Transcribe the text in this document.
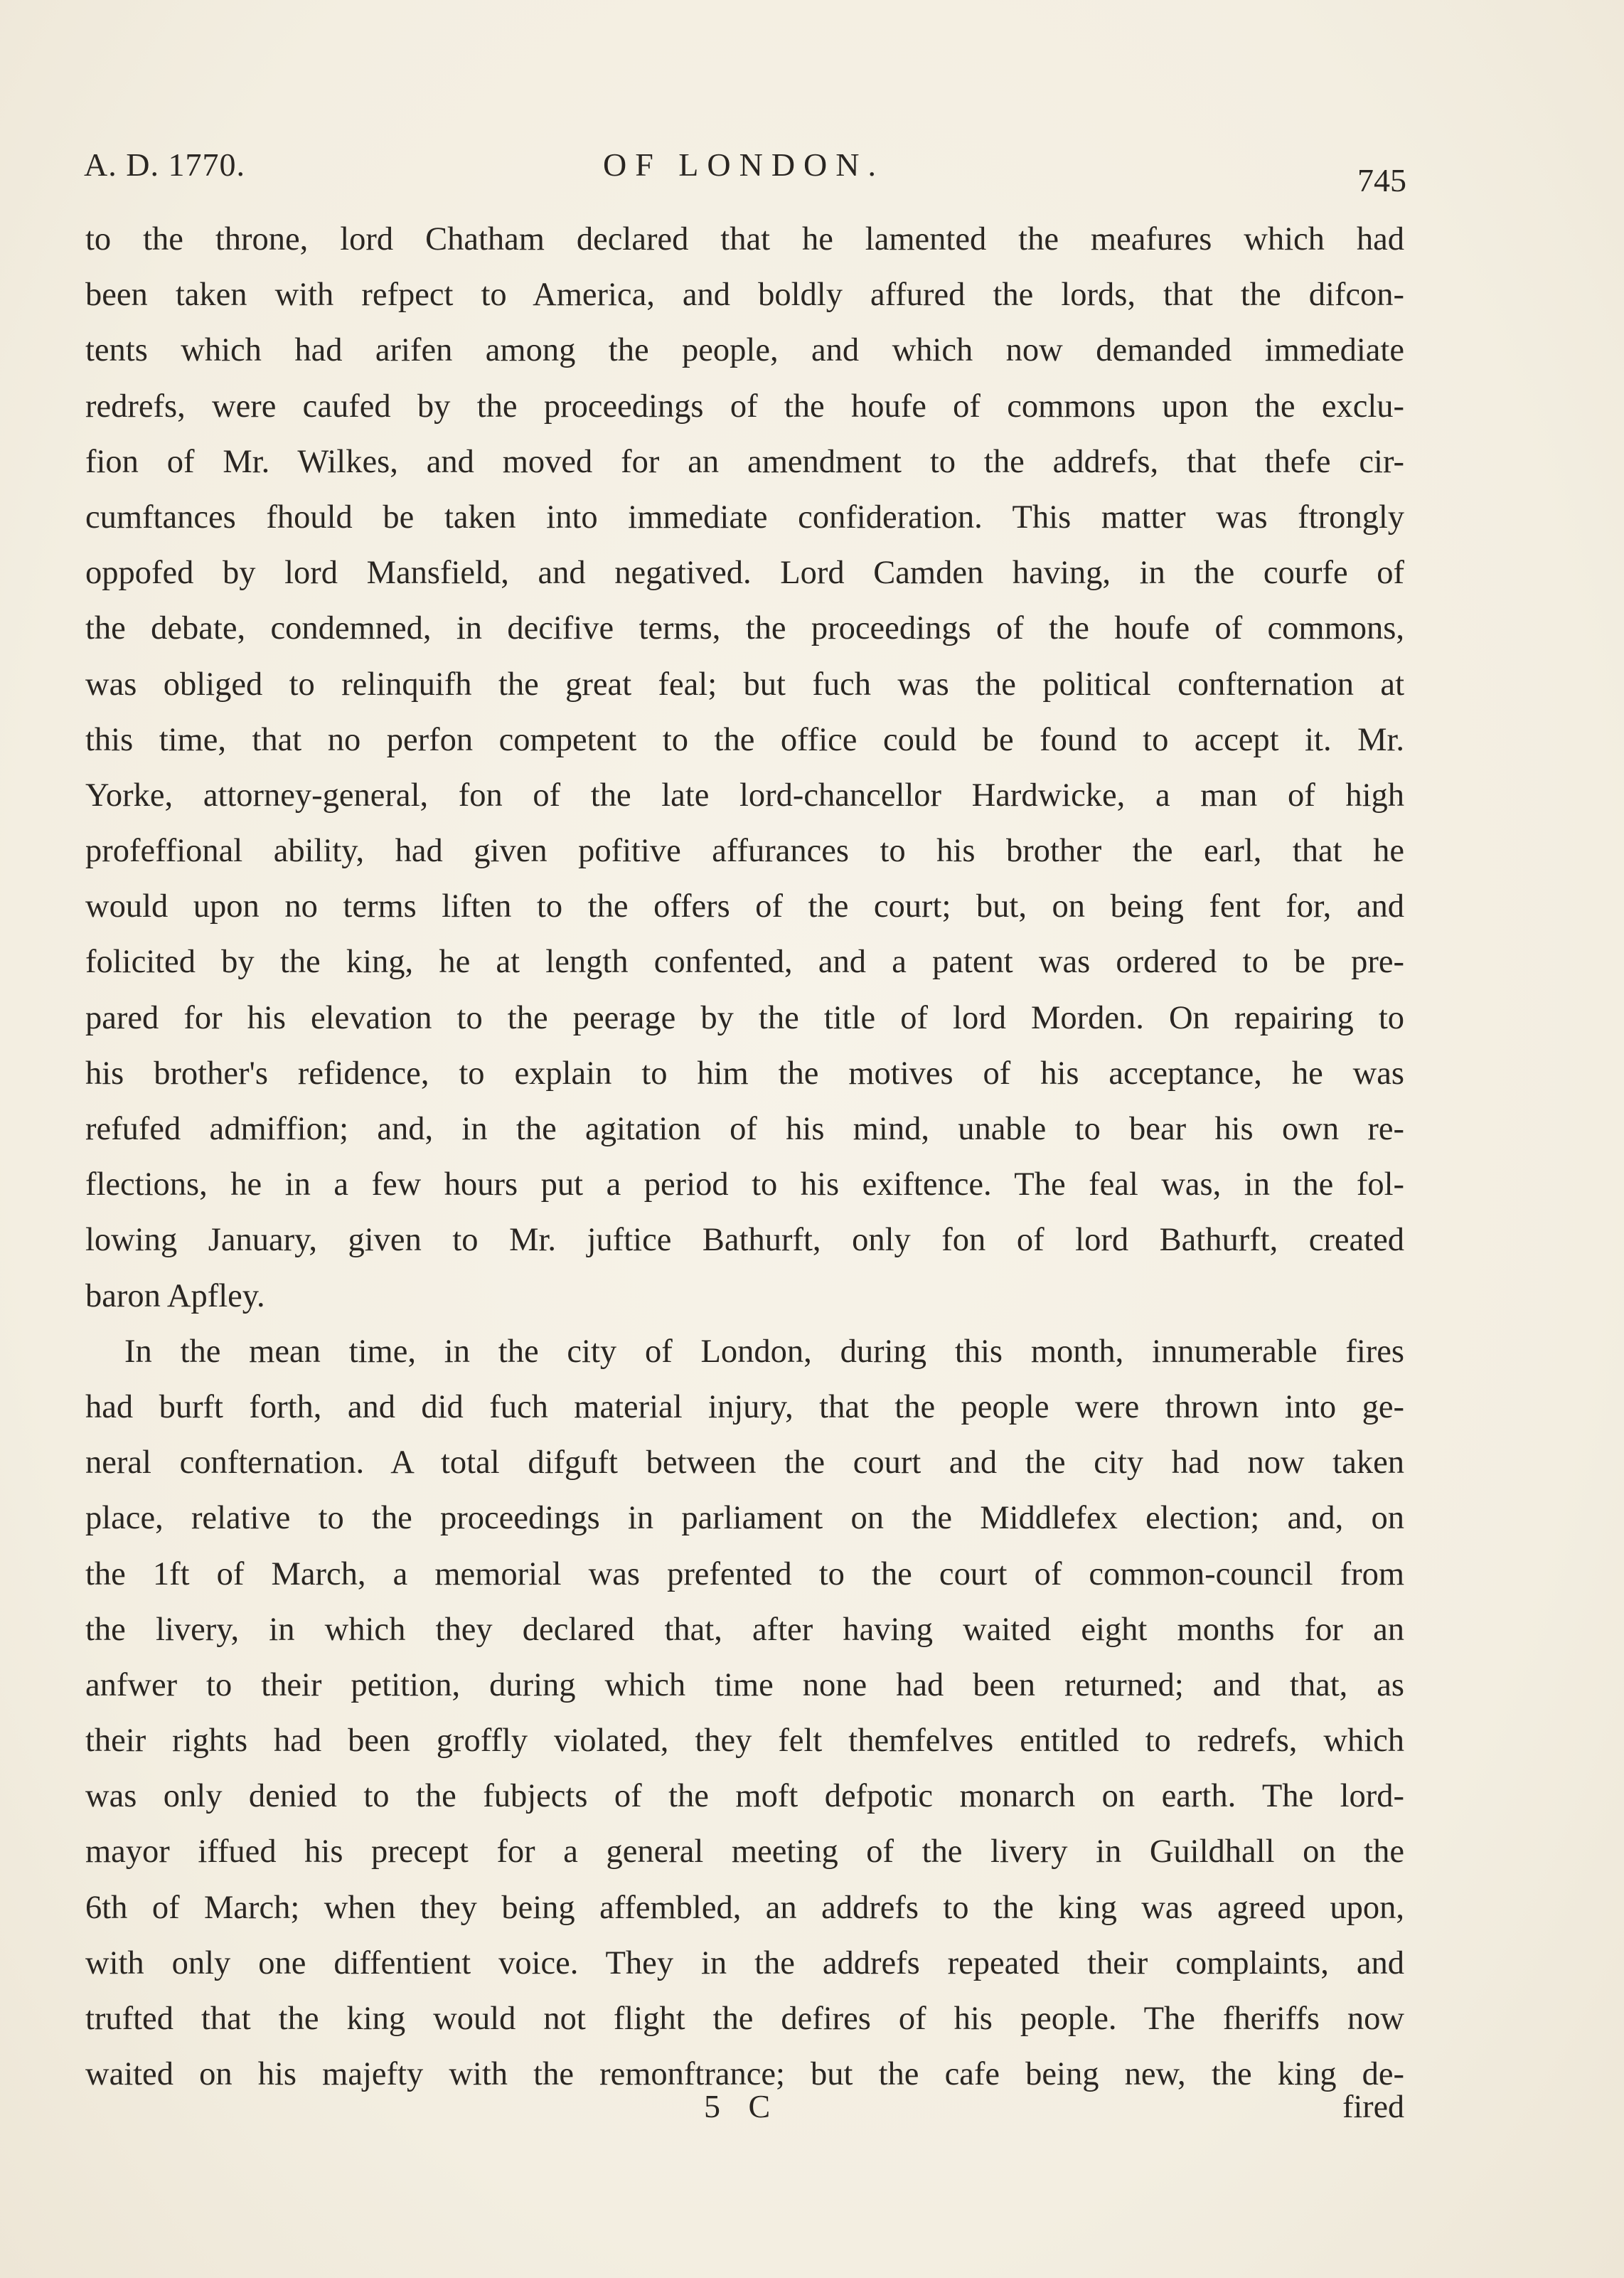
A. D. 1770.	OF LONDON.	745
to the throne, lord Chatham declared that he lamented the meafures which had
been taken with refpect to America, and boldly affured the lords, that the difcon-
tents which had arifen among the people, and which now demanded immediate
redrefs, were caufed by the proceedings of the houfe of commons upon the exclu-
fion of Mr. Wilkes, and moved for an amendment to the addrefs, that thefe cir-
cumftances fhould be taken into immediate confideration. This matter was ftrongly
oppofed by lord Mansfield, and negatived. Lord Camden having, in the courfe of
the debate, condemned, in decifive terms, the proceedings of the houfe of commons,
was obliged to relinquifh the great feal; but fuch was the political confternation at
this time, that no perfon competent to the office could be found to accept it. Mr.
Yorke, attorney-general, fon of the late lord-chancellor Hardwicke, a man of high
profeffional ability, had given pofitive affurances to his brother the earl, that he
would upon no terms liften to the offers of the court; but, on being fent for, and
folicited by the king, he at length confented, and a patent was ordered to be pre-
pared for his elevation to the peerage by the title of lord Morden. On repairing to
his brother's refidence, to explain to him the motives of his acceptance, he was
refufed admiffion; and, in the agitation of his mind, unable to bear his own re-
flections, he in a few hours put a period to his exiftence. The feal was, in the fol-
lowing January, given to Mr. juftice Bathurft, only fon of lord Bathurft, created
baron Apfley.
In the mean time, in the city of London, during this month, innumerable fires
had burft forth, and did fuch material injury, that the people were thrown into ge-
neral confternation. A total difguft between the court and the city had now taken
place, relative to the proceedings in parliament on the Middlefex election; and, on
the 1ft of March, a memorial was prefented to the court of common-council from
the livery, in which they declared that, after having waited eight months for an
anfwer to their petition, during which time none had been returned; and that, as
their rights had been groffly violated, they felt themfelves entitled to redrefs, which
was only denied to the fubjects of the moft defpotic monarch on earth. The lord-
mayor iffued his precept for a general meeting of the livery in Guildhall on the
6th of March; when they being affembled, an addrefs to the king was agreed upon,
with only one diffentient voice. They in the addrefs repeated their complaints, and
trufted that the king would not flight the defires of his people. The fheriffs now
waited on his majefty with the remonftrance; but the cafe being new, the king de-
5 C	fired
